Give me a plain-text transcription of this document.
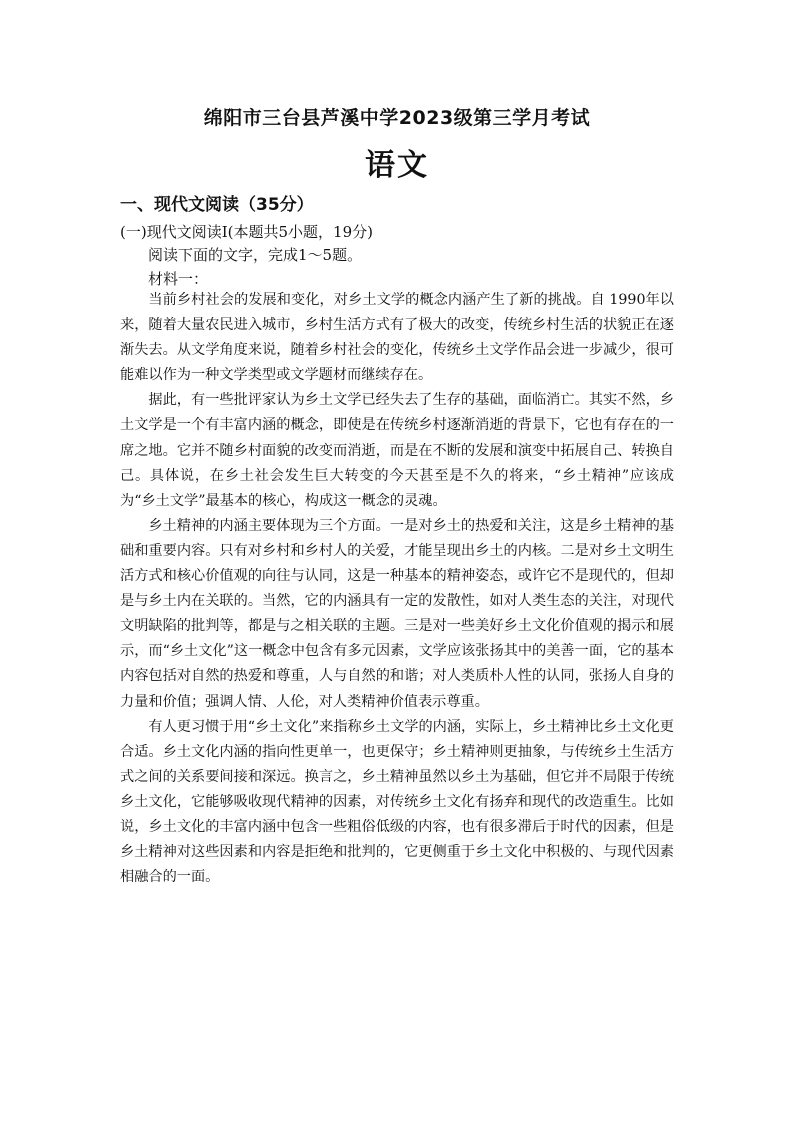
绵阳市三台县芦溪中学2023级第三学月考试
语文
一、现代文阅读（35分）

(一)现代文阅读Ⅰ(本题共5小题，19分)

阅读下面的文字，完成1～5题。

材料一：

当前乡村社会的发展和变化，对乡土文学的概念内涵产生了新的挑战。自 1990年以来，随着大量农民进入城市，乡村生活方式有了极大的改变，传统乡村生活的状貌正在逐渐失去。从文学角度来说，随着乡村社会的变化，传统乡土文学作品会进一步减少，很可能难以作为一种文学类型或文学题材而继续存在。

据此，有一些批评家认为乡土文学已经失去了生存的基础，面临消亡。其实不然，乡土文学是一个有丰富内涵的概念，即使是在传统乡村逐渐消逝的背景下，它也有存在的一席之地。它并不随乡村面貌的改变而消逝，而是在不断的发展和演变中拓展自己、转换自己。具体说，在乡土社会发生巨大转变的今天甚至是不久的将来，“乡土精神”应该成为“乡土文学”最基本的核心，构成这一概念的灵魂。

乡土精神的内涵主要体现为三个方面。一是对乡土的热爱和关注，这是乡土精神的基础和重要内容。只有对乡村和乡村人的关爱，才能呈现出乡土的内核。二是对乡土文明生活方式和核心价值观的向往与认同，这是一种基本的精神姿态，或许它不是现代的，但却是与乡土内在关联的。当然，它的内涵具有一定的发散性，如对人类生态的关注，对现代文明缺陷的批判等，都是与之相关联的主题。三是对一些美好乡土文化价值观的揭示和展示，而“乡土文化”这一概念中包含有多元因素，文学应该张扬其中的美善一面，它的基本内容包括对自然的热爱和尊重，人与自然的和谐；对人类质朴人性的认同，张扬人自身的力量和价值；强调人情、人伦，对人类精神价值表示尊重。

有人更习惯于用“乡土文化”来指称乡土文学的内涵，实际上，乡土精神比乡土文化更合适。乡土文化内涵的指向性更单一，也更保守；乡土精神则更抽象，与传统乡土生活方式之间的关系要间接和深远。换言之，乡土精神虽然以乡土为基础，但它并不局限于传统乡土文化，它能够吸收现代精神的因素，对传统乡土文化有扬弃和现代的改造重生。比如说，乡土文化的丰富内涵中包含一些粗俗低级的内容，也有很多滞后于时代的因素，但是乡土精神对这些因素和内容是拒绝和批判的，它更侧重于乡土文化中积极的、与现代因素相融合的一面。
